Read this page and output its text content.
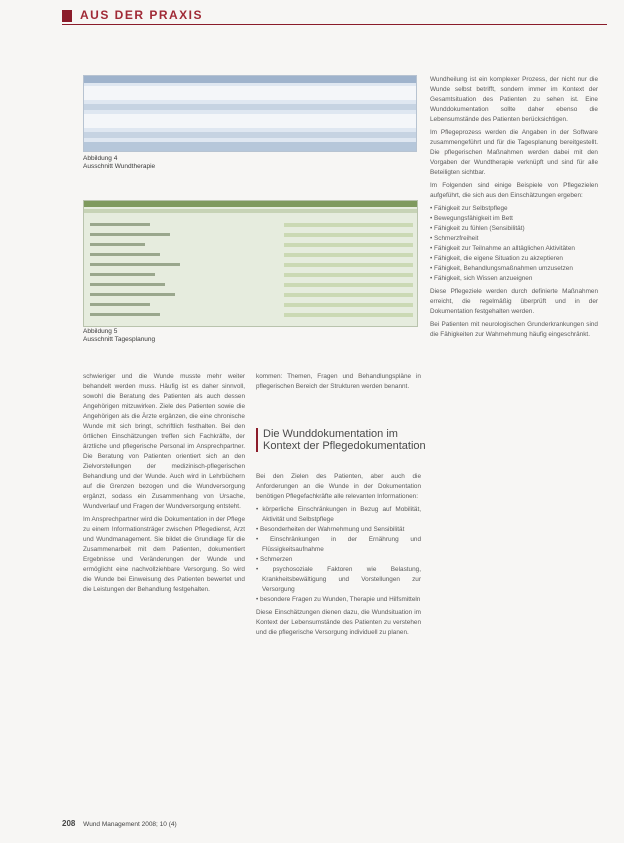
AUS DER PRAXIS
Abbildung 4
Ausschnitt Wundtherapie
Abbildung 5
Ausschnitt Tagesplanung

schwieriger und die Wunde musste mehr weiter behandelt werden muss. Häufig ist es daher sinnvoll, sowohl die Beratung des Patienten als auch dessen Angehörigen mitzuwirken. Ziele des Patienten sowie die Angehörigen als die Ärzte ergänzen, die eine chronische Wunde mit sich bringt, schriftlich festhalten. Bei den örtlichen Einschätzungen treffen sich Fachkräfte, der ärztliche und pflegerische Personal im Ansprechpartner. Die Beratung von Patienten orientiert sich an den Zielvorstellungen der medizinisch-pflegerischen Behandlung und der Wunde. Auch wird in Lehrbüchern auf die Grenzen bezogen und die Wundversorgung ergänzt, sodass ein Zusammenhang von Ursache, Wundverlauf und Fragen der Wundversorgung entsteht.

Im Ansprechpartner wird die Dokumentation in der Pflege zu einem Informationsträger zwischen Pflegedienst, Arzt und Wundmanagement. Sie bildet die Grundlage für die Zusammenarbeit mit dem Patienten, dokumentiert Ergebnisse und Veränderungen der Wunde und ermöglicht eine nachvollziehbare Versorgung. So wird die Wunde bei Einweisung des Patienten bewertet und die Leistungen der Behandlung festgehalten.

kommen: Themen, Fragen und Behandlungspläne in pflegerischen Bereich der Strukturen werden benannt.

Die Wunddokumentation im Kontext der Pflegedokumentation

Bei den Zielen des Patienten, aber auch die Anforderungen an die Wunde in der Dokumentation benötigen Pflegefachkräfte alle relevanten Informationen:

• körperliche Einschränkungen in Bezug auf Mobilität, Aktivität und Selbstpflege
• Besonderheiten der Wahrnehmung und Sensibilität
• Einschränkungen in der Ernährung und Flüssigkeitsaufnahme
• Schmerzen
• psychosoziale Faktoren wie Belastung, Krankheitsbewältigung und Vorstellungen zur Versorgung
• besondere Fragen zu Wunden, Therapie und Hilfsmitteln

Diese Einschätzungen dienen dazu, die Wundsituation im Kontext der Lebensumstände des Patienten zu verstehen und die pflegerische Versorgung individuell zu planen.

Wundheilung ist ein komplexer Prozess, der nicht nur die Wunde selbst betrifft, sondern immer im Kontext der Gesamtsituation des Patienten zu sehen ist. Eine Wunddokumentation sollte daher ebenso die Lebensumstände des Patienten berücksichtigen.

Im Pflegeprozess werden die Angaben in der Software zusammengeführt und für die Tagesplanung bereitgestellt. Die pflegerischen Maßnahmen werden dabei mit den Vorgaben der Wundtherapie verknüpft und sind für alle Beteiligten sichtbar.

Im Folgenden sind einige Beispiele von Pflegezielen aufgeführt, die sich aus den Einschätzungen ergeben:

• Fähigkeit zur Selbstpflege
• Bewegungsfähigkeit im Bett
• Fähigkeit zu fühlen (Sensibilität)
• Schmerzfreiheit
• Fähigkeit zur Teilnahme an alltäglichen Aktivitäten
• Fähigkeit, die eigene Situation zu akzeptieren
• Fähigkeit, Behandlungsmaßnahmen umzusetzen
• Fähigkeit, sich Wissen anzueignen

Diese Pflegeziele werden durch definierte Maßnahmen erreicht, die regelmäßig überprüft und in der Dokumentation festgehalten werden.

Bei Patienten mit neurologischen Grunderkrankungen sind die Fähigkeiten zur Wahrnehmung häufig eingeschränkt.

208 Wund Management 2008; 10 (4)
